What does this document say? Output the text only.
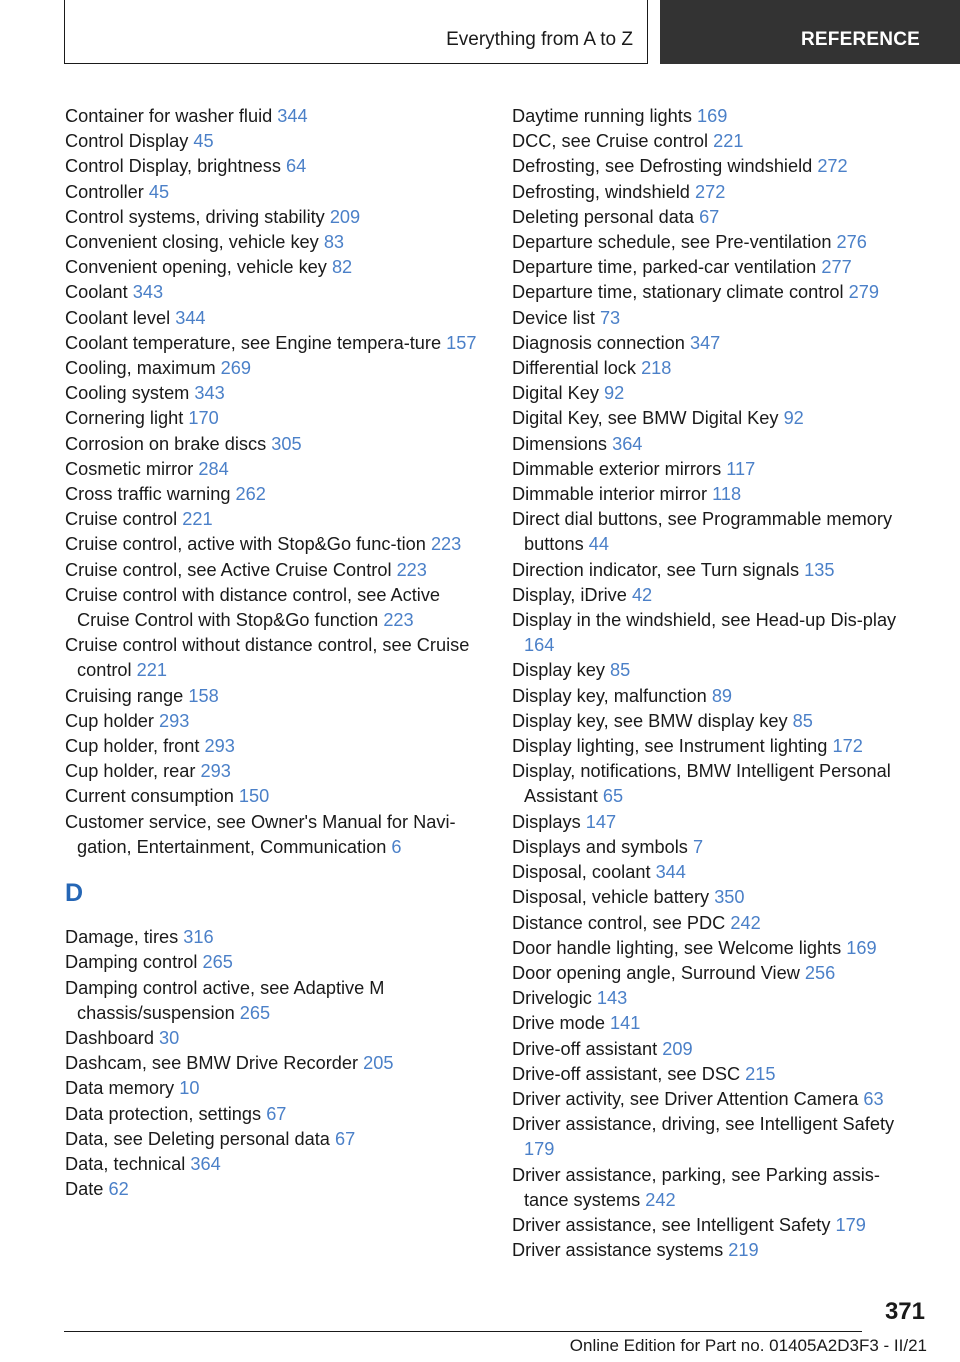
Everything from A to Z	REFERENCE
Container for washer fluid 344
Control Display 45
Control Display, brightness 64
Controller 45
Control systems, driving stability 209
Convenient closing, vehicle key 83
Convenient opening, vehicle key 82
Coolant 343
Coolant level 344
Coolant temperature, see Engine tempera-ture 157
Cooling, maximum 269
Cooling system 343
Cornering light 170
Corrosion on brake discs 305
Cosmetic mirror 284
Cross traffic warning 262
Cruise control 221
Cruise control, active with Stop&Go func-tion 223
Cruise control, see Active Cruise Control 223
Cruise control with distance control, see Active Cruise Control with Stop&Go function 223
Cruise control without distance control, see Cruise control 221
Cruising range 158
Cup holder 293
Cup holder, front 293
Cup holder, rear 293
Current consumption 150
Customer service, see Owner's Manual for Navi-gation, Entertainment, Communication 6
D
Damage, tires 316
Damping control 265
Damping control active, see Adaptive M chassis/suspension 265
Dashboard 30
Dashcam, see BMW Drive Recorder 205
Data memory 10
Data protection, settings 67
Data, see Deleting personal data 67
Data, technical 364
Date 62
Daytime running lights 169
DCC, see Cruise control 221
Defrosting, see Defrosting windshield 272
Defrosting, windshield 272
Deleting personal data 67
Departure schedule, see Pre-ventilation 276
Departure time, parked-car ventilation 277
Departure time, stationary climate control 279
Device list 73
Diagnosis connection 347
Differential lock 218
Digital Key 92
Digital Key, see BMW Digital Key 92
Dimensions 364
Dimmable exterior mirrors 117
Dimmable interior mirror 118
Direct dial buttons, see Programmable memory buttons 44
Direction indicator, see Turn signals 135
Display, iDrive 42
Display in the windshield, see Head-up Dis-play 164
Display key 85
Display key, malfunction 89
Display key, see BMW display key 85
Display lighting, see Instrument lighting 172
Display, notifications, BMW Intelligent Personal Assistant 65
Displays 147
Displays and symbols 7
Disposal, coolant 344
Disposal, vehicle battery 350
Distance control, see PDC 242
Door handle lighting, see Welcome lights 169
Door opening angle, Surround View 256
Drivelogic 143
Drive mode 141
Drive-off assistant 209
Drive-off assistant, see DSC 215
Driver activity, see Driver Attention Camera 63
Driver assistance, driving, see Intelligent Safety 179
Driver assistance, parking, see Parking assis-tance systems 242
Driver assistance, see Intelligent Safety 179
Driver assistance systems 219
371
Online Edition for Part no. 01405A2D3F3 - II/21
